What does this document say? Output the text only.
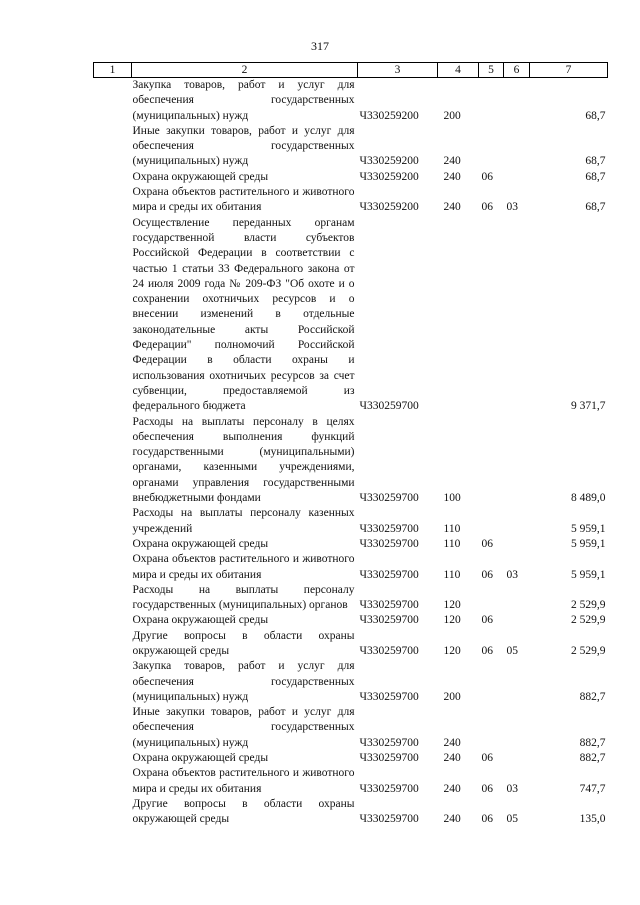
317
1	2	3	4	5	6	7
	Закупка товаров, работ и услуг для обеспечения государственных (муниципальных) нужд	Ч330259200	200			68,7
	Иные закупки товаров, работ и услуг для обеспечения государственных (муниципальных) нужд	Ч330259200	240			68,7
	Охрана окружающей среды	Ч330259200	240	06		68,7
	Охрана объектов растительного и животного мира и среды их обитания	Ч330259200	240	06	03	68,7
	Осуществление переданных органам государственной власти субъектов Российской Федерации в соответствии с частью 1 статьи 33 Федерального закона от 24 июля 2009 года № 209-ФЗ "Об охоте и о сохранении охотничьих ресурсов и о внесении изменений в отдельные законодательные акты Российской Федерации" полномочий Российской Федерации в области охраны и использования охотничьих ресурсов за счет субвенции, предоставляемой из федерального бюджета	Ч330259700				9 371,7
	Расходы на выплаты персоналу в целях обеспечения выполнения функций государственными (муниципальными) органами, казенными учреждениями, органами управления государственными внебюджетными фондами	Ч330259700	100			8 489,0
	Расходы на выплаты персоналу казенных учреждений	Ч330259700	110			5 959,1
	Охрана окружающей среды	Ч330259700	110	06		5 959,1
	Охрана объектов растительного и животного мира и среды их обитания	Ч330259700	110	06	03	5 959,1
	Расходы на выплаты персоналу государственных (муниципальных) органов	Ч330259700	120			2 529,9
	Охрана окружающей среды	Ч330259700	120	06		2 529,9
	Другие вопросы в области охраны окружающей среды	Ч330259700	120	06	05	2 529,9
	Закупка товаров, работ и услуг для обеспечения государственных (муниципальных) нужд	Ч330259700	200			882,7
	Иные закупки товаров, работ и услуг для обеспечения государственных (муниципальных) нужд	Ч330259700	240			882,7
	Охрана окружающей среды	Ч330259700	240	06		882,7
	Охрана объектов растительного и животного мира и среды их обитания	Ч330259700	240	06	03	747,7
	Другие вопросы в области охраны окружающей среды	Ч330259700	240	06	05	135,0
